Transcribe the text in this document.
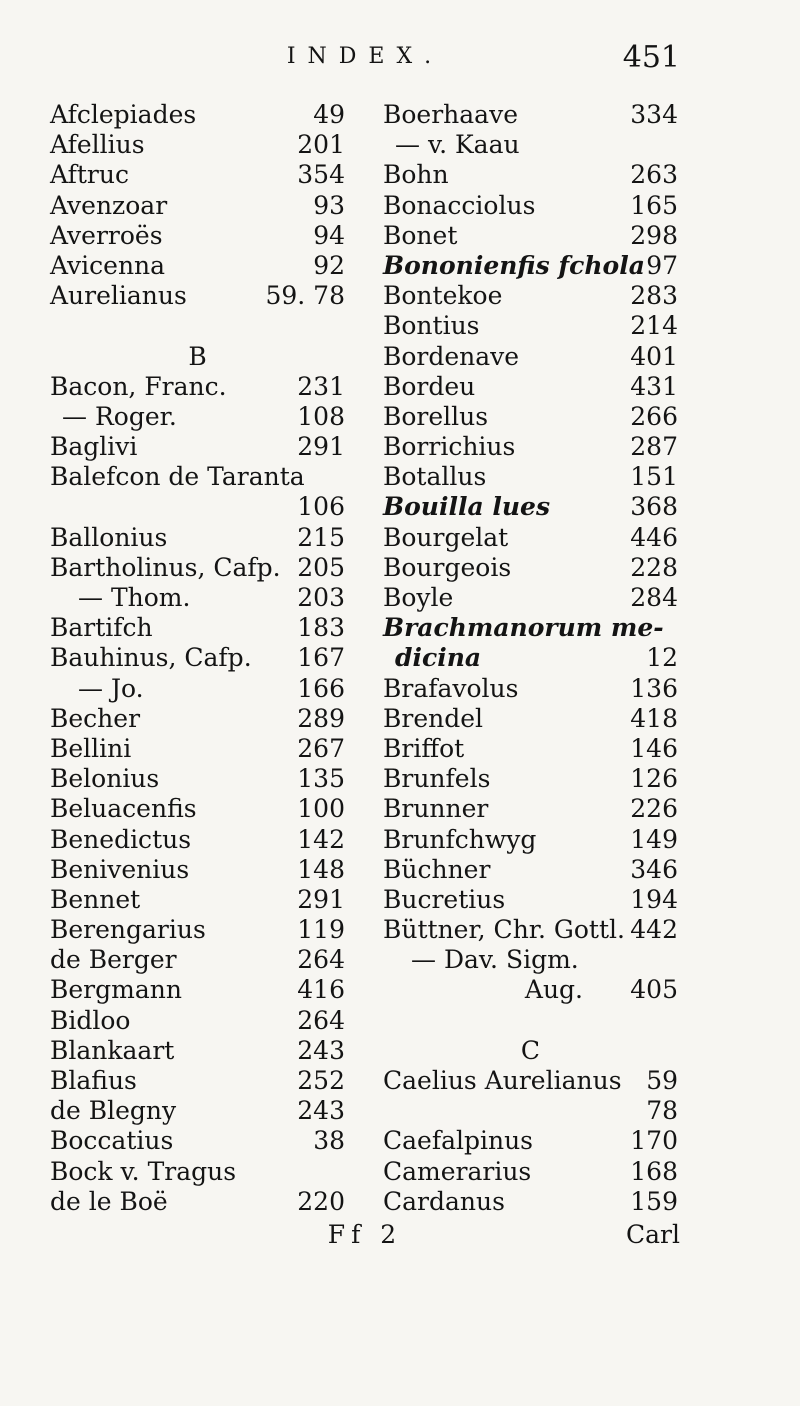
INDEX.	451
Afclepiades	49
Afellius	201
Aftruc	354
Avenzoar	93
Averroës	94
Avicenna	92
Aurelianus	59. 78
B
Bacon, Franc.	231
— Roger.	108
Baglivi	291
Balefcon de Taranta
106
Ballonius	215
Bartholinus, Cafp. 205
— Thom.	203
Bartifch	183
Bauhinus, Cafp. 167
— Jo.	166
Becher	289
Bellini	267
Belonius	135
Beluacenfis	100
Benedictus	142
Benivenius	148
Bennet	291
Berengarius	119
de Berger	264
Bergmann	416
Bidloo	264
Blankaart	243
Blafius	252
de Blegny	243
Boccatius	38
Bock v. Tragus
de le Boë	220
Boerhaave	334
— v. Kaau
Bohn	263
Bonacciolus	165
Bonet	298
Bononienfis fchola 97
Bontekoe	283
Bontius	214
Bordenave	401
Bordeu	431
Borellus	266
Borrichius	287
Botallus	151
Bouilla lues	368
Bourgelat	446
Bourgeois	228
Boyle	284
Brachmanorum me-
dicina	12
Brafavolus	136
Brendel	418
Briffot	146
Brunfels	126
Brunner	226
Brunfchwyg	149
Büchner	346
Bucretius	194
Büttner, Chr. Gottl. 442
— Dav. Sigm.
Aug. 405
C
Caelius Aurelianus 59
78
Caefalpinus	170
Camerarius	168
Cardanus	159
Ff 2	Carl
